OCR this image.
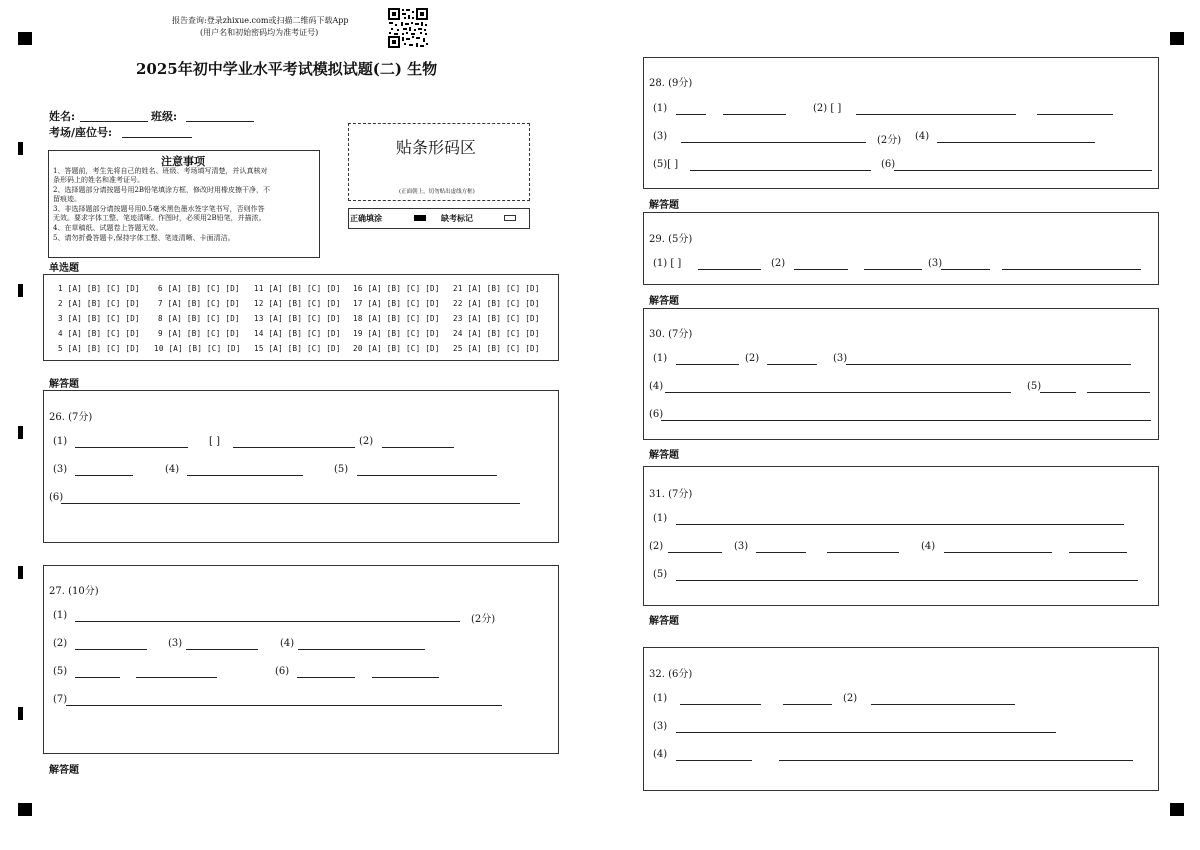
报告查询:登录zhixue.com或扫描二维码下载App
(用户名和初始密码均为准考证号)
2025年初中学业水平考试模拟试题(二) 生物
姓名:	班级:
考场/座位号:
注意事项
1、答题前，考生先将自己的姓名、班级、考场填写清楚，并认真核对
条形码上的姓名和准考证号。
2、选择题部分请按题号用2B铅笔填涂方框，修改时用橡皮擦干净，不
留痕迹。
3、非选择题部分请按题号用0.5毫米黑色墨水签字笔书写，否则作答
无效。要求字体工整、笔迹清晰。作图时，必须用2B铅笔，并描浓。
4、在草稿纸、试题卷上答题无效。
5、请勿折叠答题卡,保持字体工整、笔迹清晰、卡面清洁。
贴条形码区
(正面朝上，切勿贴出虚线方框)
正确填涂	缺考标记
单选题
1 [A] [B] [C] [D] 6 [A] [B] [C] [D] 11 [A] [B] [C] [D] 16 [A] [B] [C] [D] 21 [A] [B] [C] [D]
2 [A] [B] [C] [D] 7 [A] [B] [C] [D] 12 [A] [B] [C] [D] 17 [A] [B] [C] [D] 22 [A] [B] [C] [D]
3 [A] [B] [C] [D] 8 [A] [B] [C] [D] 13 [A] [B] [C] [D] 18 [A] [B] [C] [D] 23 [A] [B] [C] [D]
4 [A] [B] [C] [D] 9 [A] [B] [C] [D] 14 [A] [B] [C] [D] 19 [A] [B] [C] [D] 24 [A] [B] [C] [D]
5 [A] [B] [C] [D] 10 [A] [B] [C] [D] 15 [A] [B] [C] [D] 20 [A] [B] [C] [D] 25 [A] [B] [C] [D]
解答题
解答题
解答题
解答题
解答题
解答题
26. (7分)
(1)	[ ]	(2)
(3)	(4)	(5)
(6)
27. (10分)
(1)	(2分)
(2)	(3)	(4)
(5)	(6)
(7)
28. (9分)
(1)	(2) [ ]
(3)	(2分) (4)
(5)[ ]	(6)
29. (5分)
(1) [ ]	(2)	(3)
30. (7分)
(1)	(2)	(3)
(4)	(5)
(6)
31. (7分)
(1)
(2)	(3)	(4)
(5)
32. (6分)
(1)	(2)
(3)
(4)
